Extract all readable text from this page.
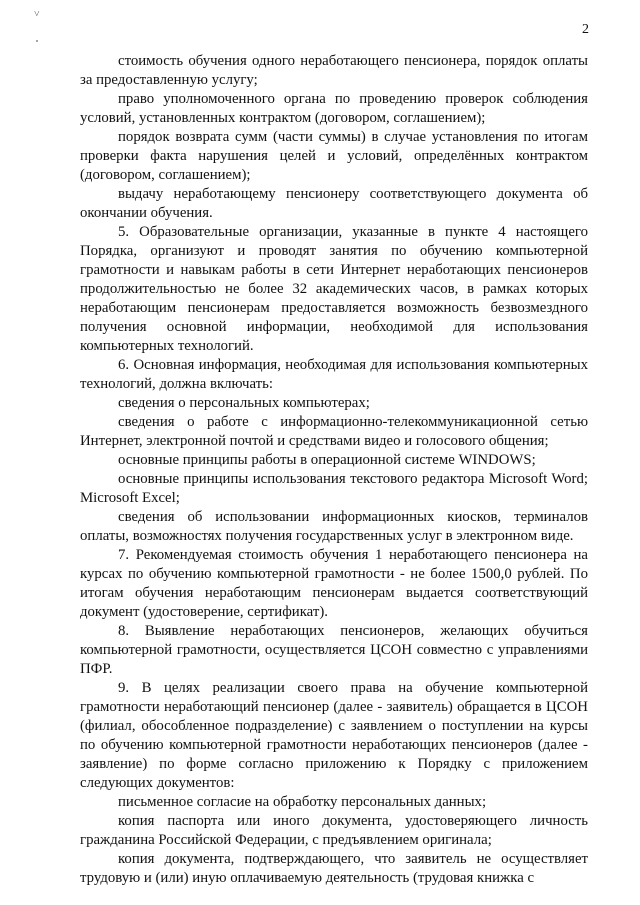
˅
2

стоимость обучения одного неработающего пенсионера, порядок оплаты за предоставленную услугу;

право уполномоченного органа по проведению проверок соблюдения условий, установленных контрактом (договором, соглашением);

порядок возврата сумм (части суммы) в случае установления по итогам проверки факта нарушения целей и условий, определённых контрактом (договором, соглашением);

выдачу неработающему пенсионеру соответствующего документа об окончании обучения.

5. Образовательные организации, указанные в пункте 4 настоящего Порядка, организуют и проводят занятия по обучению компьютерной грамотности и навыкам работы в сети Интернет неработающих пенсионеров продолжительностью не более 32 академических часов, в рамках которых неработающим пенсионерам предоставляется возможность безвозмездного получения основной информации, необходимой для использования компьютерных технологий.

6. Основная информация, необходимая для использования компьютерных технологий, должна включать:

сведения о персональных компьютерах;

сведения о работе с информационно-телекоммуникационной сетью Интернет, электронной почтой и средствами видео и голосового общения;

основные принципы работы в операционной системе WINDOWS;

основные принципы использования текстового редактора Microsoft Word; Microsoft Excel;

сведения об использовании информационных киосков, терминалов оплаты, возможностях получения государственных услуг в электронном виде.

7. Рекомендуемая стоимость обучения 1 неработающего пенсионера на курсах по обучению компьютерной грамотности - не более 1500,0 рублей. По итогам обучения неработающим пенсионерам выдается соответствующий документ (удостоверение, сертификат).

8. Выявление неработающих пенсионеров, желающих обучиться компьютерной грамотности, осуществляется ЦСОН совместно с управлениями ПФР.

9. В целях реализации своего права на обучение компьютерной грамотности неработающий пенсионер (далее - заявитель) обращается в ЦСОН (филиал, обособленное подразделение) с заявлением о поступлении на курсы по обучению компьютерной грамотности неработающих пенсионеров (далее - заявление) по форме согласно приложению к Порядку с приложением следующих документов:

письменное согласие на обработку персональных данных;

копия паспорта или иного документа, удостоверяющего личность гражданина Российской Федерации, с предъявлением оригинала;

копия документа, подтверждающего, что заявитель не осуществляет трудовую и (или) иную оплачиваемую деятельность (трудовая книжка с
